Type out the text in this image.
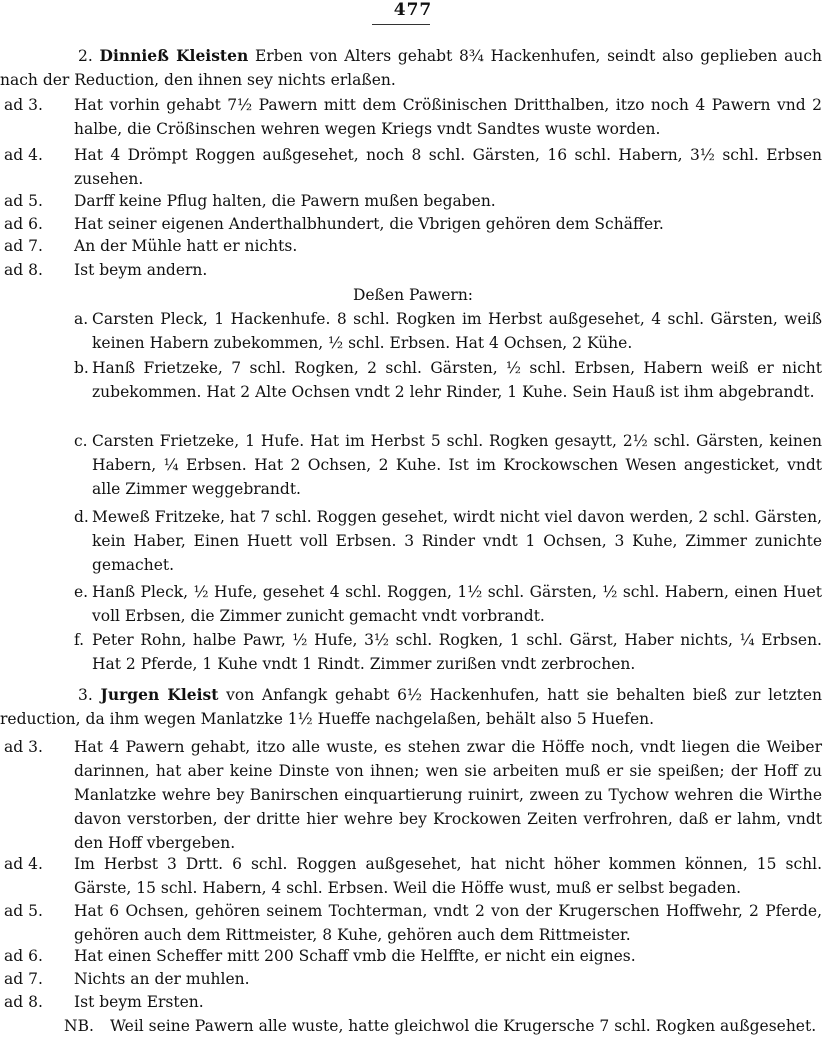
477
2. Dinnieß Kleisten Erben von Alters gehabt 8¾ Hackenhufen, seindt also geplieben auch nach der Reduction, den ihnen sey nichts erlaßen.
ad 3.	Hat vorhin gehabt 7½ Pawern mitt dem Crößinischen Dritthalben, itzo noch 4 Pawern vnd 2 halbe, die Crößinschen wehren wegen Kriegs vndt Sandtes wuste worden.
ad 4.	Hat 4 Drömpt Roggen außgesehet, noch 8 schl. Gärsten, 16 schl. Habern, 3½ schl. Erbsen zusehen.
ad 5.	Darff keine Pflug halten, die Pawern mußen begaben.
ad 6.	Hat seiner eigenen Anderthalbhundert, die Vbrigen gehören dem Schäffer.
ad 7.	An der Mühle hatt er nichts.
ad 8.	Ist beym andern.
Deßen Pawern:
a. Carsten Pleck, 1 Hackenhufe. 8 schl. Rogken im Herbst außgesehet, 4 schl. Gärsten, weiß keinen Habern zubekommen, ½ schl. Erbsen. Hat 4 Ochsen, 2 Kühe.
b. Hanß Frietzeke, 7 schl. Rogken, 2 schl. Gärsten, ½ schl. Erbsen, Habern weiß er nicht zubekommen. Hat 2 Alte Ochsen vndt 2 lehr Rinder, 1 Kuhe. Sein Hauß ist ihm abgebrandt.
c. Carsten Frietzeke, 1 Hufe. Hat im Herbst 5 schl. Rogken gesaytt, 2½ schl. Gärsten, keinen Habern, ¼ Erbsen. Hat 2 Ochsen, 2 Kuhe. Ist im Krockowschen Wesen angesticket, vndt alle Zimmer weggebrandt.
d. Meweß Fritzeke, hat 7 schl. Roggen gesehet, wirdt nicht viel davon werden, 2 schl. Gärsten, kein Haber, Einen Huett voll Erbsen. 3 Rinder vndt 1 Ochsen, 3 Kuhe, Zimmer zunichte gemachet.
e. Hanß Pleck, ½ Hufe, gesehet 4 schl. Roggen, 1½ schl. Gärsten, ½ schl. Habern, einen Huet voll Erbsen, die Zimmer zunicht gemacht vndt vorbrandt.
f. Peter Rohn, halbe Pawr, ½ Hufe, 3½ schl. Rogken, 1 schl. Gärst, Haber nichts, ¼ Erbsen. Hat 2 Pferde, 1 Kuhe vndt 1 Rindt. Zimmer zurißen vndt zerbrochen.
3. Jurgen Kleist von Anfangk gehabt 6½ Hackenhufen, hatt sie behalten bieß zur letzten reduction, da ihm wegen Manlatzke 1½ Hueffe nachgelaßen, behält also 5 Huefen.
ad 3.	Hat 4 Pawern gehabt, itzo alle wuste, es stehen zwar die Höffe noch, vndt liegen die Weiber darinnen, hat aber keine Dinste von ihnen; wen sie arbeiten muß er sie speißen; der Hoff zu Manlatzke wehre bey Banirschen einquartierung ruinirt, zween zu Tychow wehren die Wirthe davon verstorben, der dritte hier wehre bey Krockowen Zeiten verfrohren, daß er lahm, vndt den Hoff vbergeben.
ad 4.	Im Herbst 3 Drtt. 6 schl. Roggen außgesehet, hat nicht höher kommen können, 15 schl. Gärste, 15 schl. Habern, 4 schl. Erbsen. Weil die Höffe wust, muß er selbst begaden.
ad 5.	Hat 6 Ochsen, gehören seinem Tochterman, vndt 2 von der Krugerschen Hoffwehr, 2 Pferde, gehören auch dem Rittmeister, 8 Kuhe, gehören auch dem Rittmeister.
ad 6.	Hat einen Scheffer mitt 200 Schaff vmb die Helffte, er nicht ein eignes.
ad 7.	Nichts an der muhlen.
ad 8.	Ist beym Ersten.
NB.	Weil seine Pawern alle wuste, hatte gleichwol die Krugersche 7 schl. Rogken außgesehet.
